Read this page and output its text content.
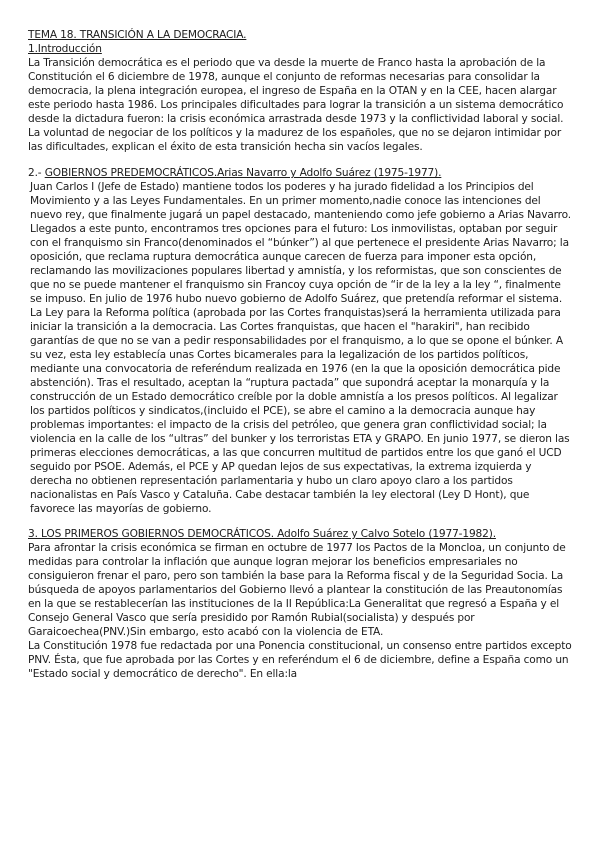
TEMA 18. TRANSICIÓN A LA DEMOCRACIA.

1.Introducción

La Transición democrática es el periodo que va desde la muerte de Franco hasta la aprobación de la Constitución el 6 diciembre de 1978, aunque el conjunto de reformas necesarias para consolidar la democracia, la plena integración europea, el ingreso de España en la OTAN y en la CEE, hacen alargar este periodo hasta 1986. Los principales dificultades para lograr la transición a un sistema democrático desde la dictadura fueron: la crisis económica arrastrada desde 1973 y la conflictividad laboral y social. La voluntad de negociar de los políticos y la madurez de los españoles, que no se dejaron intimidar por las dificultades, explican el éxito de esta transición hecha sin vacíos legales.

2.- GOBIERNOS PREDEMOCRÁTICOS.Arias Navarro y Adolfo Suárez (1975-1977).

Juan Carlos I (Jefe de Estado) mantiene todos los poderes y ha jurado fidelidad a los Principios del Movimiento y a las Leyes Fundamentales. En un primer momento,nadie conoce las intenciones del nuevo rey, que finalmente jugará un papel destacado, manteniendo como jefe gobierno a Arias Navarro. Llegados a este punto, encontramos tres opciones para el futuro: Los inmovilistas, optaban por seguir con el franquismo sin Franco(denominados el “búnker”) al que pertenece el presidente Arias Navarro; la oposición, que reclama ruptura democrática aunque carecen de fuerza para imponer esta opción, reclamando las movilizaciones populares libertad y amnistía, y los reformistas, que son conscientes de que no se puede mantener el franquismo sin Francoy cuya opción de “ir de la ley a la ley “, finalmente se impuso. En julio de 1976 hubo nuevo gobierno de Adolfo Suárez, que pretendía reformar el sistema. La Ley para la Reforma política (aprobada por las Cortes franquistas)será la herramienta utilizada para iniciar la transición a la democracia. Las Cortes franquistas, que hacen el "harakiri", han recibido garantías de que no se van a pedir responsabilidades por el franquismo, a lo que se opone el búnker. A su vez, esta ley establecía unas Cortes bicamerales para la legalización de los partidos políticos, mediante una convocatoria de referéndum realizada en 1976 (en la que la oposición democrática pide abstención). Tras el resultado, aceptan la “ruptura pactada” que supondrá aceptar la monarquía y la construcción de un Estado democrático creíble por la doble amnistía a los presos políticos. Al legalizar los partidos políticos y sindicatos,(incluido el PCE), se abre el camino a la democracia aunque hay problemas importantes: el impacto de la crisis del petróleo, que genera gran conflictividad social; la violencia en la calle de los “ultras” del bunker y los terroristas ETA y GRAPO. En junio 1977, se dieron las primeras elecciones democráticas, a las que concurren multitud de partidos entre los que ganó el UCD seguido por PSOE. Además, el PCE y AP quedan lejos de sus expectativas, la extrema izquierda y derecha no obtienen representación parlamentaria y hubo un claro apoyo claro a los partidos nacionalistas en País Vasco y Cataluña. Cabe destacar también la ley electoral (Ley D Hont), que favorece las mayorías de gobierno.

3. LOS PRIMEROS GOBIERNOS DEMOCRÁTICOS. Adolfo Suárez y Calvo Sotelo (1977-1982).

Para afrontar la crisis económica se firman en octubre de 1977 los Pactos de la Moncloa, un conjunto de medidas para controlar la inflación que aunque logran mejorar los beneficios empresariales no consiguieron frenar el paro, pero son también la base para la Reforma fiscal y de la Seguridad Socia. La búsqueda de apoyos parlamentarios del Gobierno llevó a plantear la constitución de las Preautonomías en la que se restablecerían las instituciones de la II República:La Generalitat que regresó a España y el Consejo General Vasco que sería presidido por Ramón Rubial(socialista) y después por Garaicoechea(PNV.)Sin embargo, esto acabó con la violencia de ETA.

La Constitución 1978 fue redactada por una Ponencia constitucional, un consenso entre partidos excepto PNV. Ésta, que fue aprobada por las Cortes y en referéndum el 6 de diciembre, define a España como un "Estado social y democrático de derecho". En ella:la
